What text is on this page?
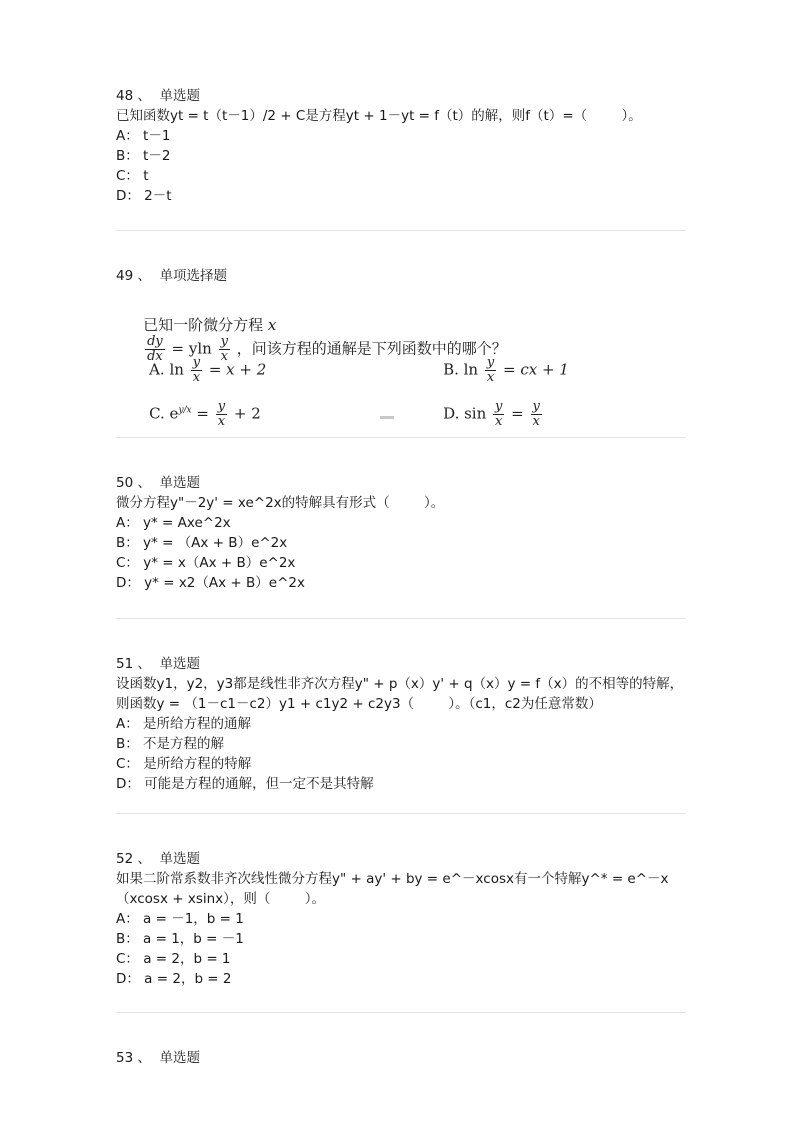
48 、  单选题
已知函数yt = t（t－1）/2 + C是方程yt + 1－yt = f（t）的解，则f（t）=（        ）。
A： t－1
B： t－2
C： t
D： 2－t
49 、  单项选择题

已知一阶微分方程 x

$\frac{dy}{dx} = yln \frac{y}{x}$ ，问该方程的通解是下列函数中的哪个？

A. $\ln \frac{y}{x} = x + 2$
	B. $\ln \frac{y}{x}$ = cx + 1

C. $e^{y/x} = \frac{y}{x} + 2$
	D. $\sin \frac{y}{x} = \frac{y}{x}$

50 、  单选题
微分方程y"－2y' = xe^2x的特解具有形式（        ）。
A： y* = Axe^2x
B： y* = （Ax + B）e^2x
C： y* = x（Ax + B）e^2x
D： y* = x2（Ax + B）e^2x
51 、  单选题
设函数y1，y2，y3都是线性非齐次方程y" + p（x）y' + q（x）y = f（x）的不相等的特解，
则函数y = （1－c1－c2）y1 + c1y2 + c2y3（        ）。（c1，c2为任意常数）
A： 是所给方程的通解
B： 不是方程的解
C： 是所给方程的特解
D： 可能是方程的通解，但一定不是其特解
52 、  单选题
如果二阶常系数非齐次线性微分方程y" + ay' + by = e^－xcosx有一个特解y^* = e^－x
（xcosx + xsinx），则（        ）。
A： a = －1，b = 1
B： a = 1，b = －1
C： a = 2，b = 1
D： a = 2，b = 2
53 、  单选题
